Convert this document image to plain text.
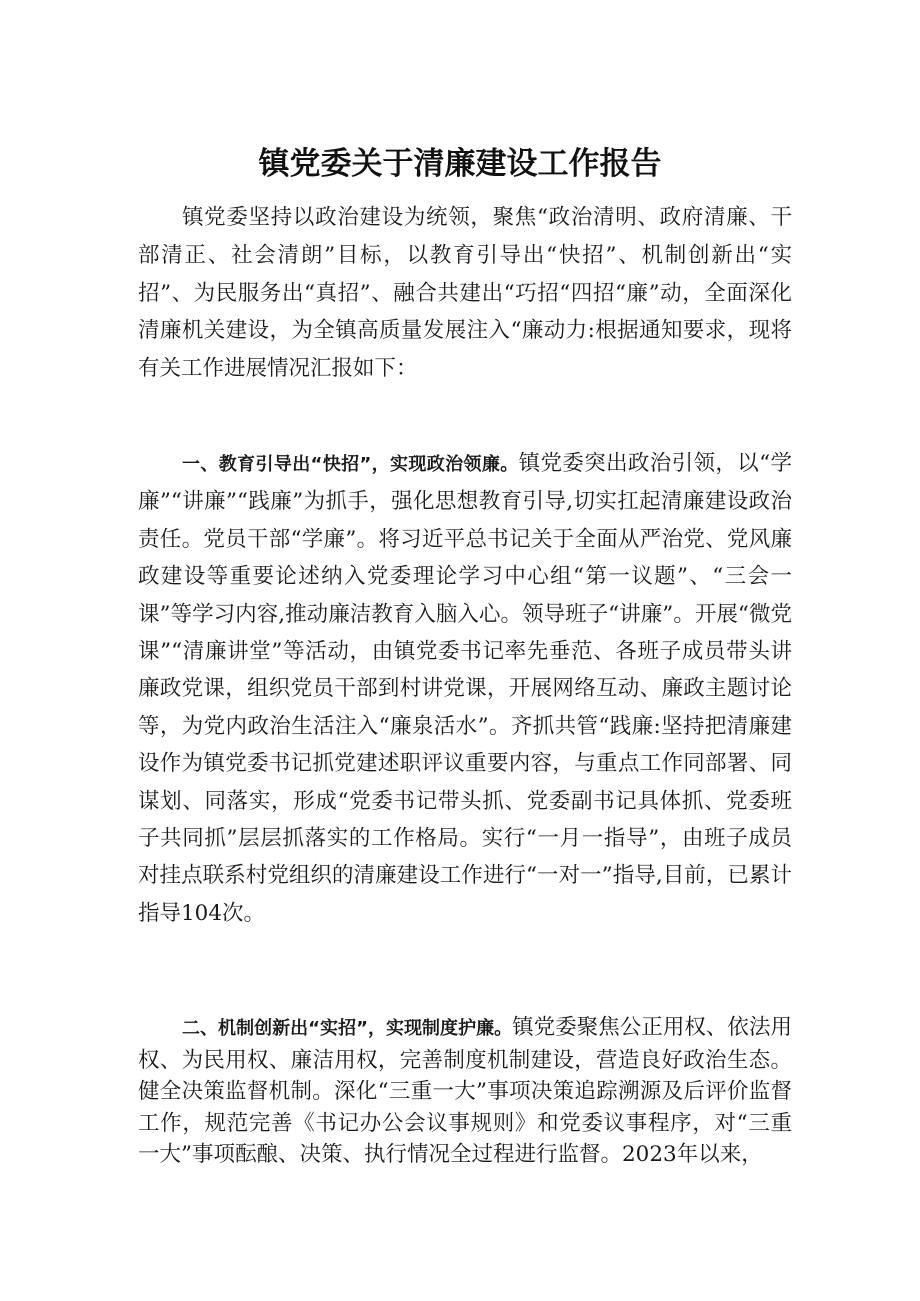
镇党委关于清廉建设工作报告

镇党委坚持以政治建设为统领，聚焦“政治清明、政府清廉、干部清正、社会清朗”目标，以教育引导出“快招”、机制创新出“实招”、为民服务出“真招”、融合共建出“巧招“四招“廉”动，全面深化清廉机关建设，为全镇高质量发展注入“廉动力:根据通知要求，现将有关工作进展情况汇报如下：

一、教育引导出“快招”，实现政治领廉。镇党委突出政治引领，以“学廉”“讲廉”“践廉”为抓手，强化思想教育引导,切实扛起清廉建设政治责任。党员干部“学廉”。将习近平总书记关于全面从严治党、党风廉政建设等重要论述纳入党委理论学习中心组“第一议题”、“三会一课”等学习内容,推动廉洁教育入脑入心。领导班子“讲廉”。开展“微党课”“清廉讲堂”等活动，由镇党委书记率先垂范、各班子成员带头讲廉政党课，组织党员干部到村讲党课，开展网络互动、廉政主题讨论等，为党内政治生活注入“廉泉活水”。齐抓共管“践廉:坚持把清廉建设作为镇党委书记抓党建述职评议重要内容，与重点工作同部署、同谋划、同落实，形成“党委书记带头抓、党委副书记具体抓、党委班子共同抓”层层抓落实的工作格局。实行“一月一指导”，由班子成员对挂点联系村党组织的清廉建设工作进行“一对一”指导,目前，已累计指导104次。

二、机制创新出“实招”，实现制度护廉。镇党委聚焦公正用权、依法用权、为民用权、廉洁用权，完善制度机制建设，营造良好政治生态。健全决策监督机制。深化“三重一大”事项决策追踪溯源及后评价监督工作，规范完善《书记办公会议事规则》和党委议事程序，对“三重一大”事项酝酿、决策、执行情况全过程进行监督。2023年以来，
